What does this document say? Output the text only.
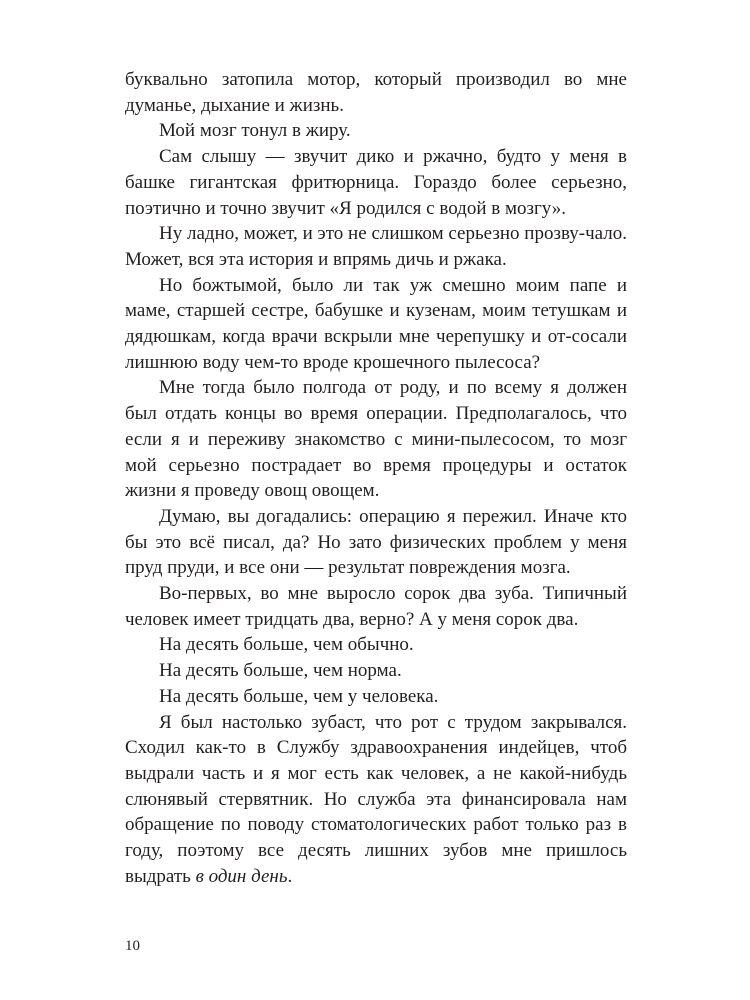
буквально затопила мотор, который производил во мне думанье, дыхание и жизнь.

Мой мозг тонул в жиру.

Сам слышу — звучит дико и ржачно, будто у меня в башке гигантская фритюрница. Гораздо более серьезно, поэтично и точно звучит «Я родился с водой в мозгу».

Ну ладно, может, и это не слишком серьезно прозву-чало. Может, вся эта история и впрямь дичь и ржака.

Но божтымой, было ли так уж смешно моим папе и маме, старшей сестре, бабушке и кузенам, моим тетушкам и дядюшкам, когда врачи вскрыли мне черепушку и от-сосали лишнюю воду чем-то вроде крошечного пылесоса?

Мне тогда было полгода от роду, и по всему я должен был отдать концы во время операции. Предполагалось, что если я и переживу знакомство с мини-пылесосом, то мозг мой серьезно пострадает во время процедуры и остаток жизни я проведу овощ овощем.

Думаю, вы догадались: операцию я пережил. Иначе кто бы это всё писал, да? Но зато физических проблем у меня пруд пруди, и все они — результат повреждения мозга.

Во-первых, во мне выросло сорок два зуба. Типичный человек имеет тридцать два, верно? А у меня сорок два.

На десять больше, чем обычно.

На десять больше, чем норма.

На десять больше, чем у человека.

Я был настолько зубаст, что рот с трудом закрывался. Сходил как-то в Службу здравоохранения индейцев, чтоб выдрали часть и я мог есть как человек, а не какой-нибудь слюнявый стервятник. Но служба эта финансировала нам обращение по поводу стоматологических работ только раз в году, поэтому все десять лишних зубов мне пришлось выдрать в один день.

10
